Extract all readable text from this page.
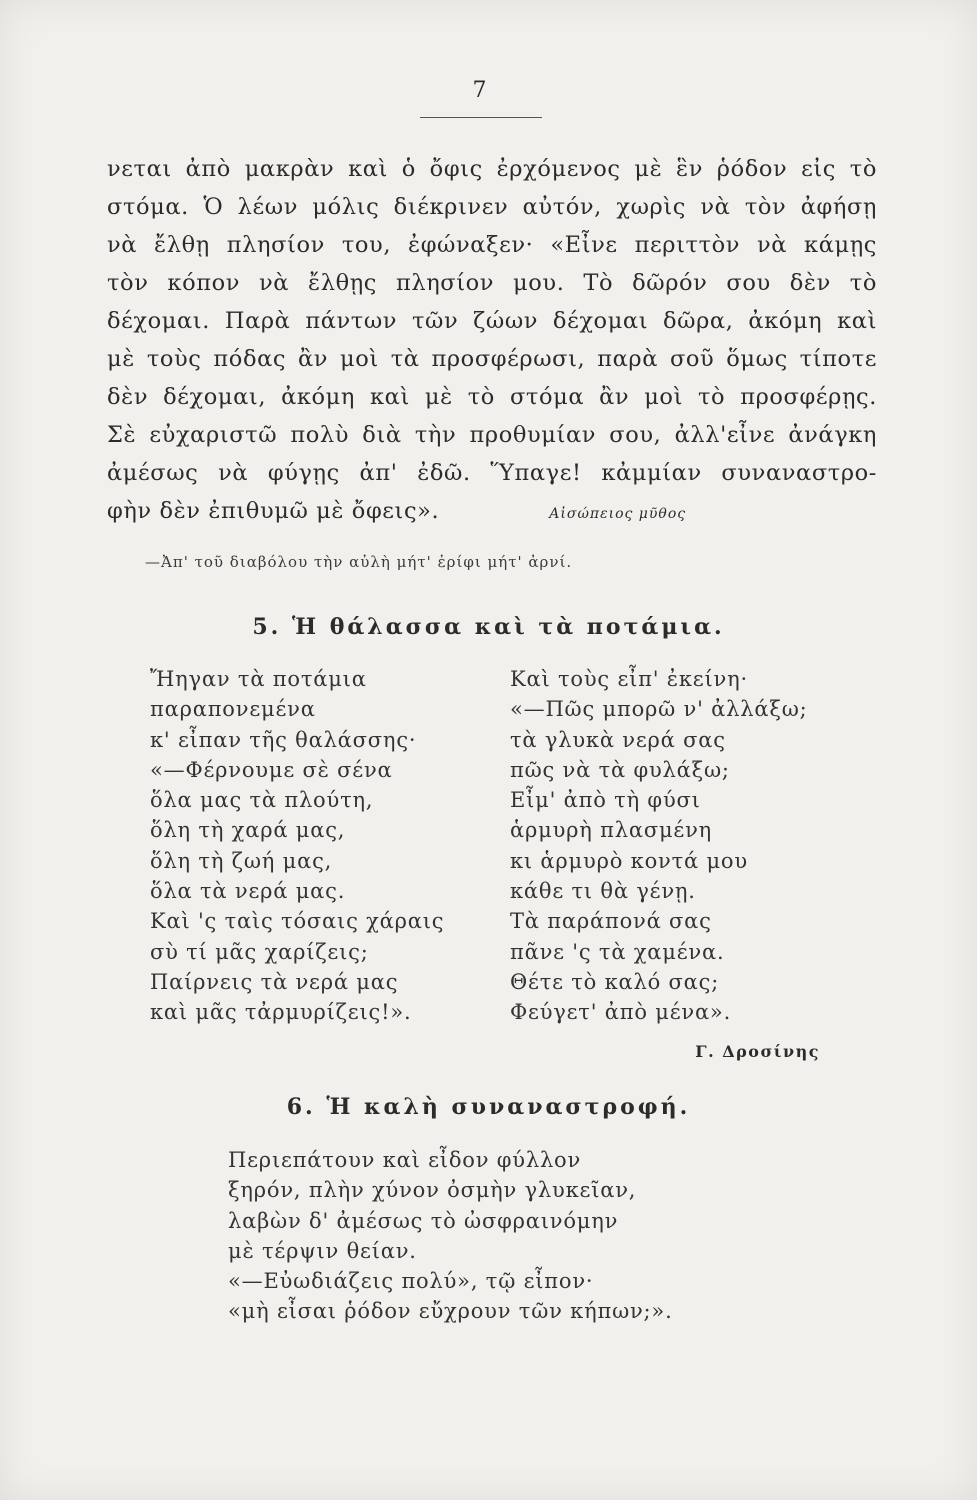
7
νεται ἀπὸ μακρὰν καὶ ὁ ὄφις ἐρχόμενος μὲ ἓν ῥόδον εἰς τὸ
στόμα. Ὁ λέων μόλις διέκρινεν αὐτόν, χωρὶς νὰ τὸν ἀφήσῃ
νὰ ἔλθῃ πλησίον του, ἐφώναξεν· «Εἶνε περιττὸν νὰ κάμῃς
τὸν κόπον νὰ ἔλθῃς πλησίον μου. Τὸ δῶρόν σου δὲν τὸ
δέχομαι. Παρὰ πάντων τῶν ζώων δέχομαι δῶρα, ἀκόμη καὶ
μὲ τοὺς πόδας ἂν μοὶ τὰ προσφέρωσι, παρὰ σοῦ ὅμως τίποτε
δὲν δέχομαι, ἀκόμη καὶ μὲ τὸ στόμα ἂν μοὶ τὸ προσφέρῃς.
Σὲ εὐχαριστῶ πολὺ διὰ τὴν προθυμίαν σου, ἀλλ'εἶνε ἀνάγκη
ἀμέσως νὰ φύγῃς ἀπ' ἐδῶ. Ὕπαγε! κἀμμίαν συναναστρο-
φὴν δὲν ἐπιθυμῶ μὲ ὄφεις».	Αἰσώπειος μῦθος
—Ἀπ' τοῦ διαβόλου τὴν αὐλὴ μήτ' ἐρίφι μήτ' ἀρνί.
5. Ἡ θάλασσα καὶ τὰ ποτάμια.
Ἤηγαν τὰ ποτάμια
παραπονεμένα
κ' εἶπαν τῆς θαλάσσης·
«—Φέρνουμε σὲ σένα
ὅλα μας τὰ πλούτη,
ὅλη τὴ χαρά μας,
ὅλη τὴ ζωή μας,
ὅλα τὰ νερά μας.
Καὶ 'ς ταὶς τόσαις χάραις
σὺ τί μᾶς χαρίζεις;
Παίρνεις τὰ νερά μας
καὶ μᾶς τἀρμυρίζεις!».
Καὶ τοὺς εἶπ' ἐκείνη·
«—Πῶς μπορῶ ν' ἀλλάξω;
τὰ γλυκὰ νερά σας
πῶς νὰ τὰ φυλάξω;
Εἶμ' ἀπὸ τὴ φύσι
ἁρμυρὴ πλασμένη
κι ἁρμυρὸ κοντά μου
κάθε τι θὰ γένῃ.
Τὰ παράπονά σας
πᾶνε 'ς τὰ χαμένα.
Θέτε τὸ καλό σας;
Φεύγετ' ἀπὸ μένα».
Γ. Δροσίνης
6. Ἡ καλὴ συναναστροφή.
Περιεπάτουν καὶ εἶδον φύλλον
ξηρόν, πλὴν χύνον ὀσμὴν γλυκεῖαν,
λαβὼν δ' ἀμέσως τὸ ὠσφραινόμην
μὲ τέρψιν θείαν.
«—Εὐωδιάζεις πολύ», τῷ εἶπον·
«μὴ εἶσαι ῥόδον εὔχρουν τῶν κήπων;».
